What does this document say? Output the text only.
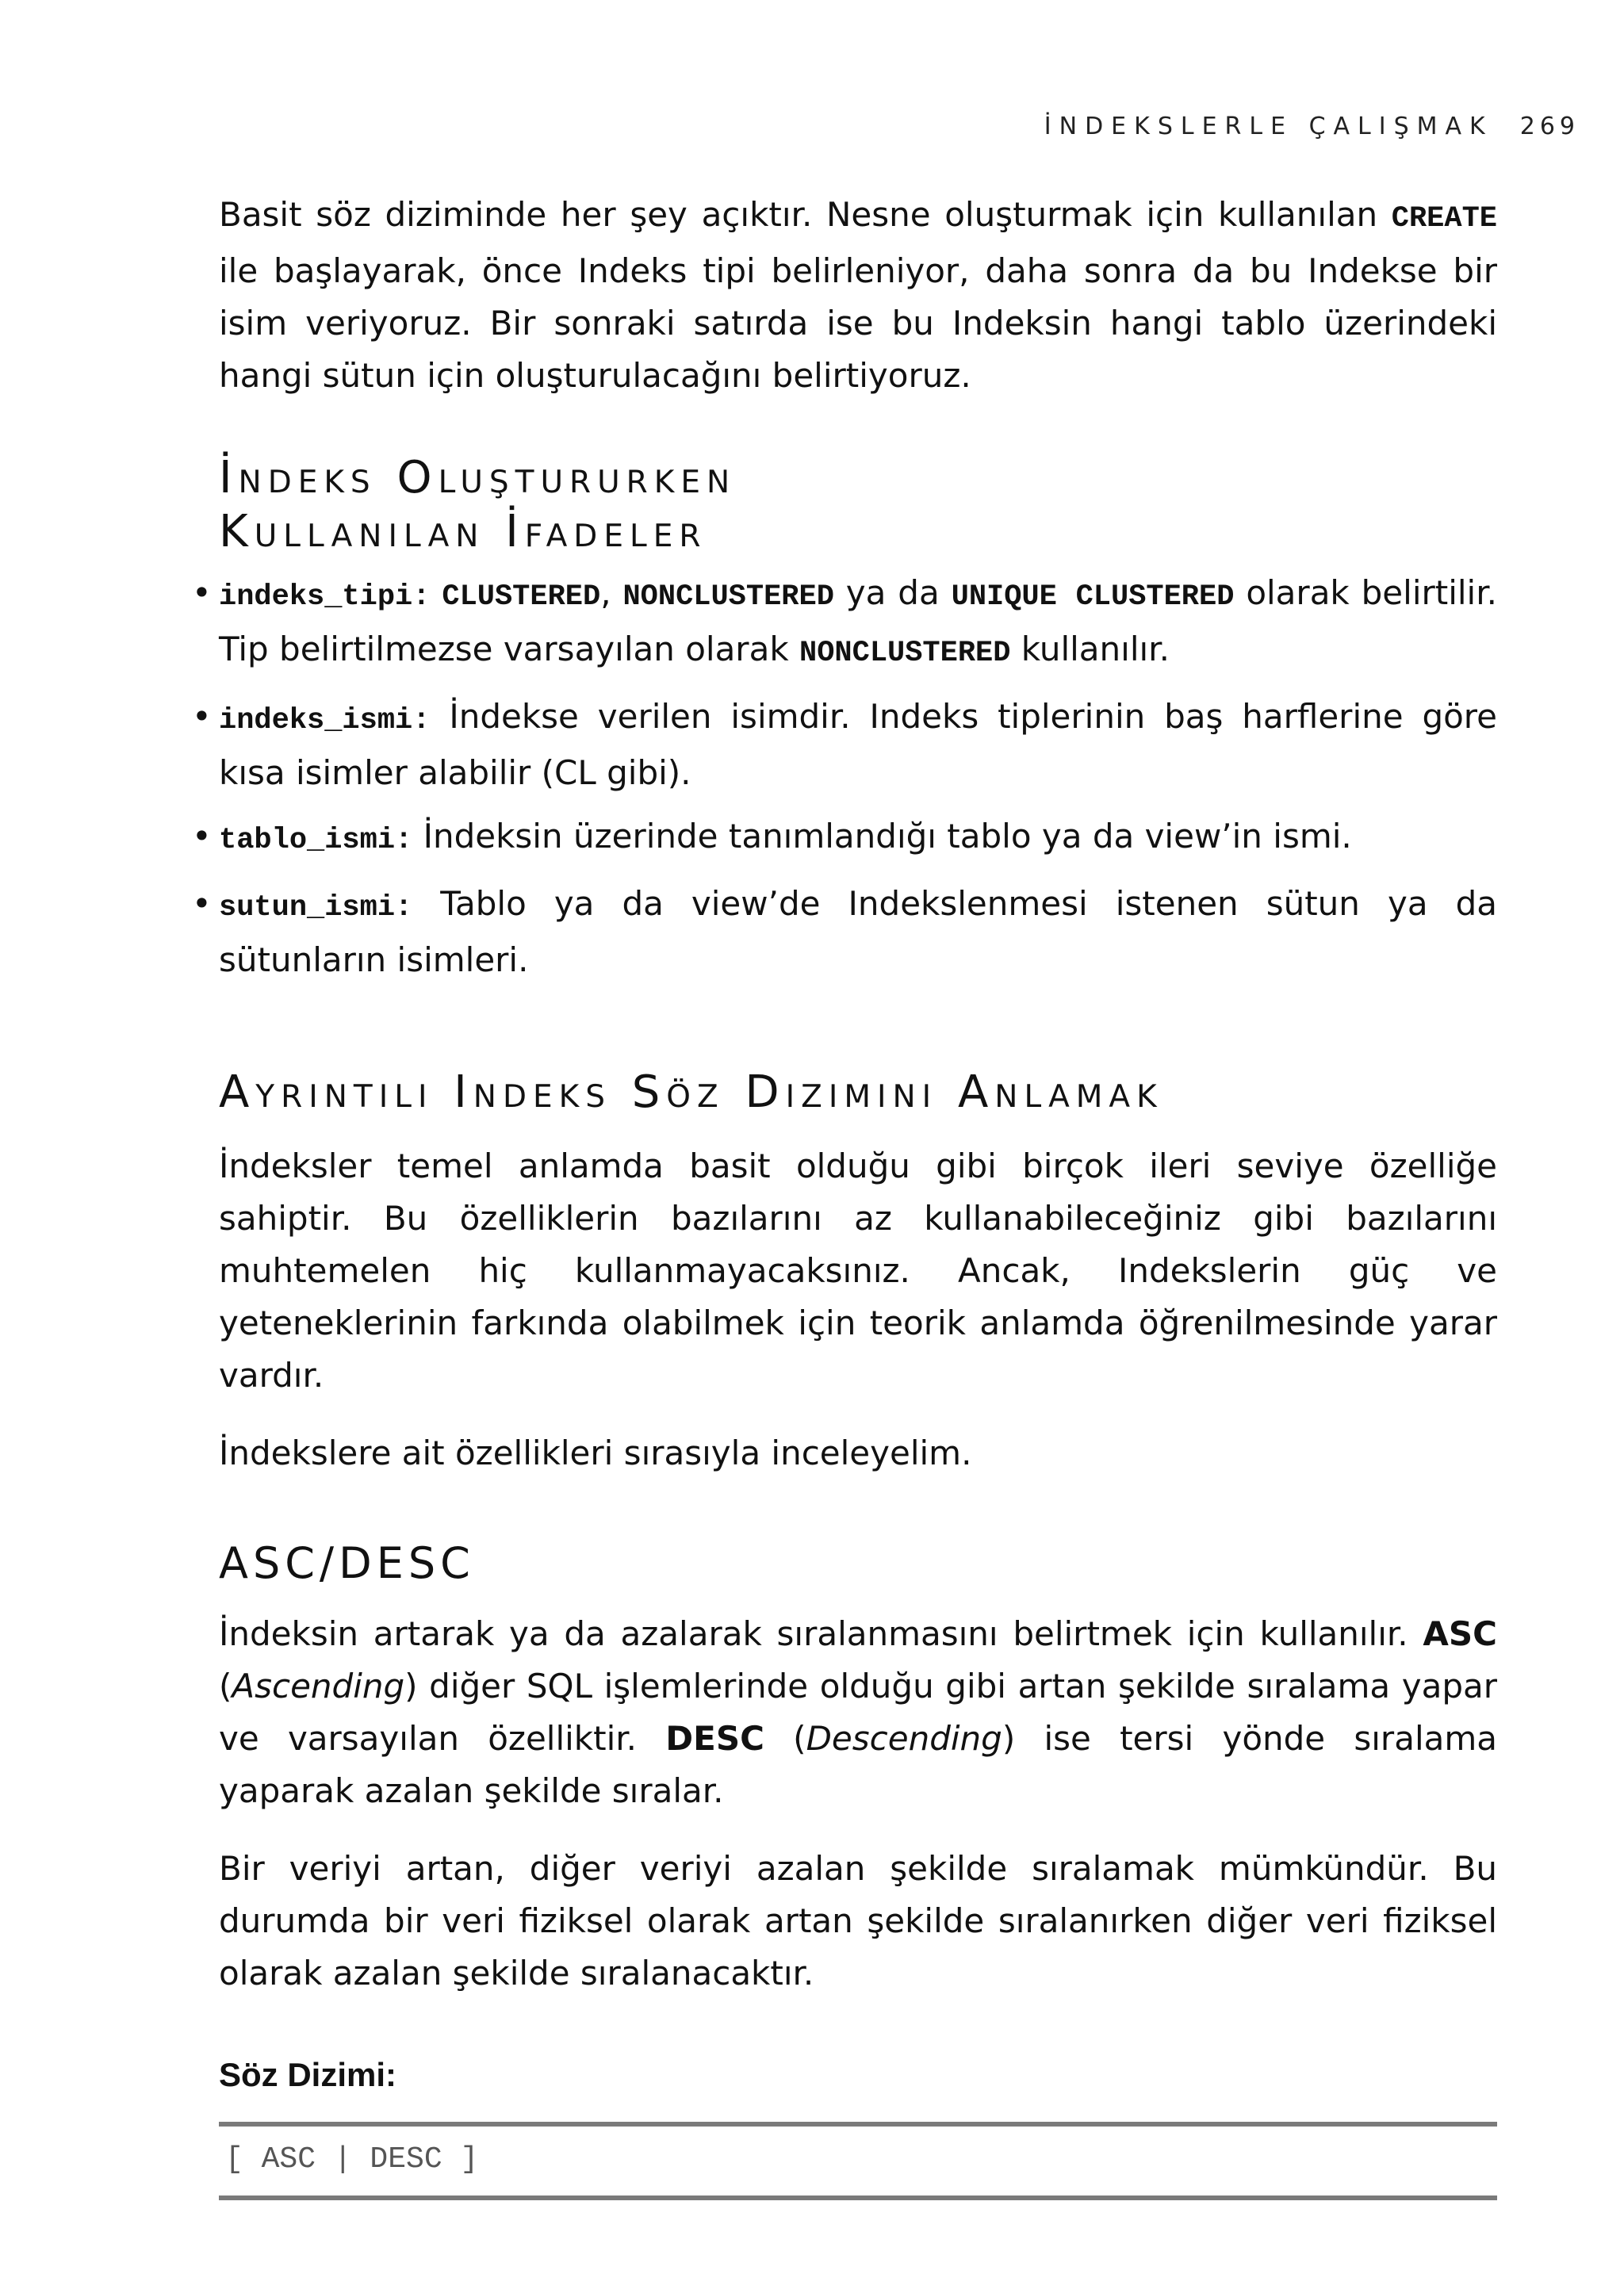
İNDEKSLERLE ÇALIŞMAK 269

Basit söz diziminde her şey açıktır. Nesne oluşturmak için kullanılan CREATE ile başlayarak, önce Indeks tipi belirleniyor, daha sonra da bu Indekse bir isim veriyoruz. Bir sonraki satırda ise bu Indeksin hangi tablo üzerindeki hangi sütun için oluşturulacağını belirtiyoruz.

İndeks Oluştururken
Kullanılan İfadeler
• indeks_tipi: CLUSTERED, NONCLUSTERED ya da UNIQUE CLUSTERED olarak belirtilir. Tip belirtilmezse varsayılan olarak NONCLUSTERED kullanılır.
• indeks_ismi: İndekse verilen isimdir. Indeks tiplerinin baş harflerine göre kısa isimler alabilir (CL gibi).
• tablo_ismi: İndeksin üzerinde tanımlandığı tablo ya da view’in ismi.
• sutun_ismi: Tablo ya da view’de Indekslenmesi istenen sütun ya da sütunların isimleri.
Ayrıntılı Indeks Söz Dizimini Anlamak

İndeksler temel anlamda basit olduğu gibi birçok ileri seviye özelliğe sahiptir. Bu özelliklerin bazılarını az kullanabileceğiniz gibi bazılarını muhtemelen hiç kullanmayacaksınız. Ancak, Indekslerin güç ve yeteneklerinin farkında olabilmek için teorik anlamda öğrenilmesinde yarar vardır.

İndekslere ait özellikleri sırasıyla inceleyelim.

ASC/DESC

İndeksin artarak ya da azalarak sıralanmasını belirtmek için kullanılır. ASC (Ascending) diğer SQL işlemlerinde olduğu gibi artan şekilde sıralama yapar ve varsayılan özelliktir. DESC (Descending) ise tersi yönde sıralama yaparak azalan şekilde sıralar.

Bir veriyi artan, diğer veriyi azalan şekilde sıralamak mümkündür. Bu durumda bir veri fiziksel olarak artan şekilde sıralanırken diğer veri fiziksel olarak azalan şekilde sıralanacaktır.

Söz Dizimi:
[ ASC | DESC ]
